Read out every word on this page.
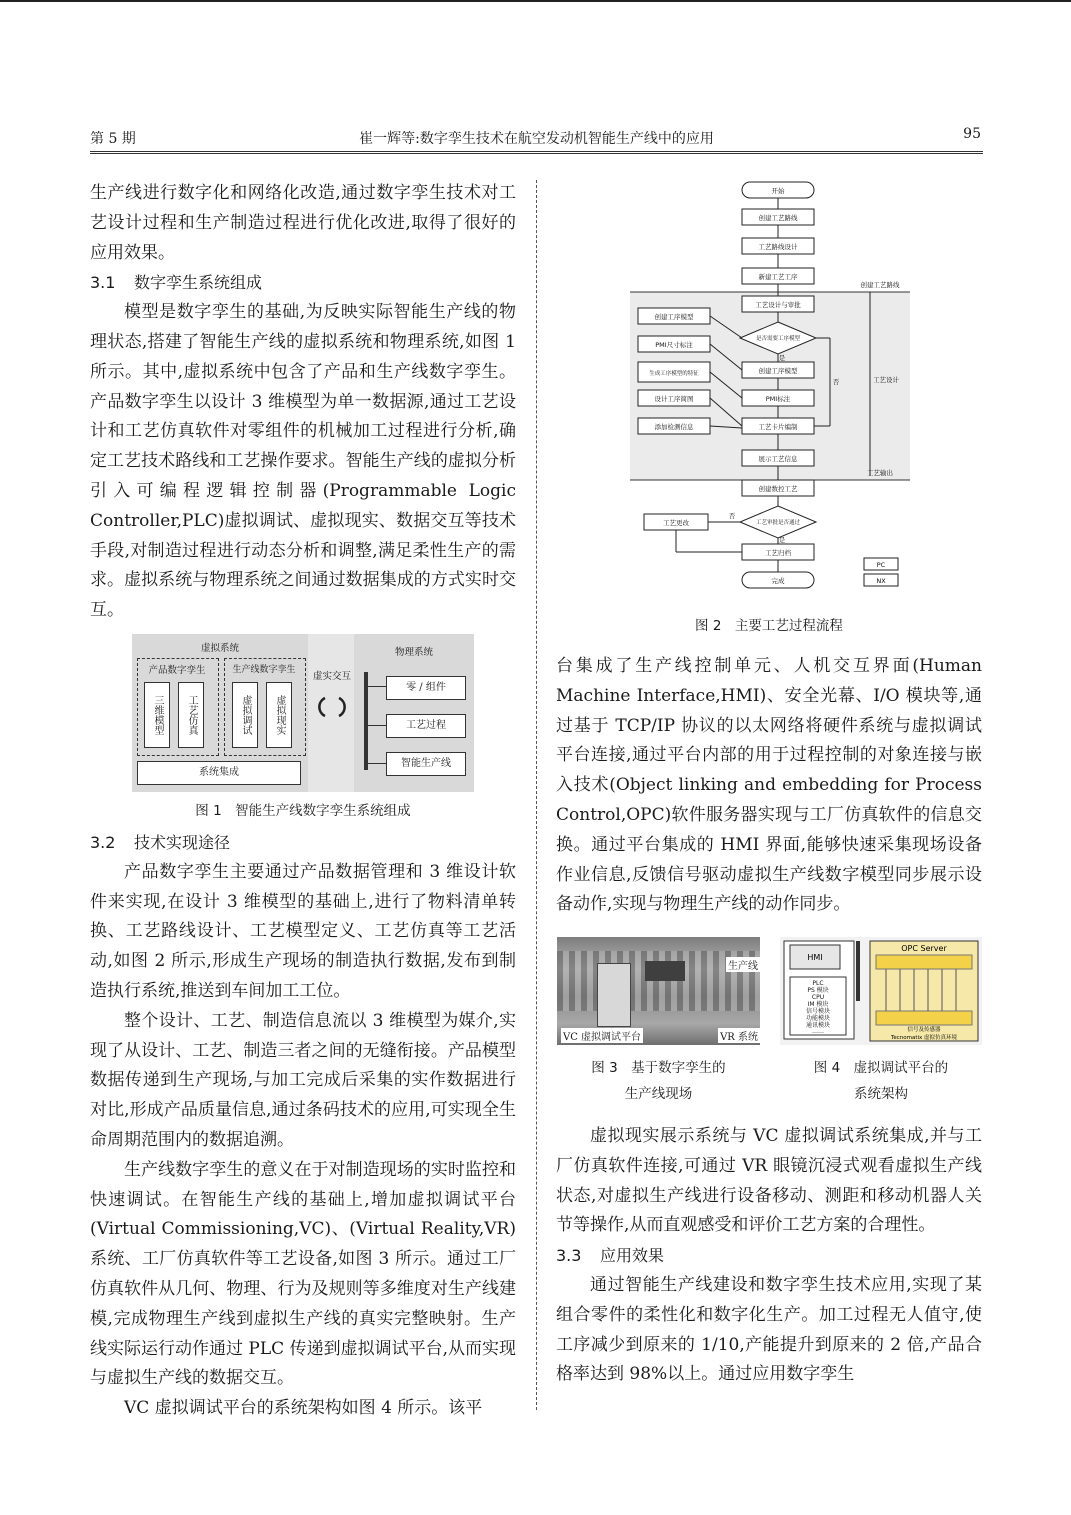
第 5 期	崔一辉等:数字孪生技术在航空发动机智能生产线中的应用	95

生产线进行数字化和网络化改造,通过数字孪生技术对工艺设计过程和生产制造过程进行优化改进,取得了很好的应用效果。

3.1 数字孪生系统组成

模型是数字孪生的基础,为反映实际智能生产线的物理状态,搭建了智能生产线的虚拟系统和物理系统,如图 1 所示。其中,虚拟系统中包含了产品和生产线数字孪生。产品数字孪生以设计 3 维模型为单一数据源,通过工艺设计和工艺仿真软件对零组件的机械加工过程进行分析,确定工艺技术路线和工艺操作要求。智能生产线的虚拟分析引入可编程逻辑控制器(Programmable Logic Controller,PLC)虚拟调试、虚拟现实、数据交互等技术手段,对制造过程进行动态分析和调整,满足柔性生产的需求。虚拟系统与物理系统之间通过数据集成的方式实时交互。

虚拟系统
产品数字孪生	生产线数字孪生
三维模型	工艺仿真	虚拟调试	虚拟现实
系统集成
虚实交互
物理系统
零 / 组件
工艺过程
智能生产线
图 1　智能生产线数字孪生系统组成
3.2 技术实现途径

产品数字孪生主要通过产品数据管理和 3 维设计软件来实现,在设计 3 维模型的基础上,进行了物料清单转换、工艺路线设计、工艺模型定义、工艺仿真等工艺活动,如图 2 所示,形成生产现场的制造执行数据,发布到制造执行系统,推送到车间加工工位。

整个设计、工艺、制造信息流以 3 维模型为媒介,实现了从设计、工艺、制造三者之间的无缝衔接。产品模型数据传递到生产现场,与加工完成后采集的实作数据进行对比,形成产品质量信息,通过条码技术的应用,可实现全生命周期范围内的数据追溯。

生产线数字孪生的意义在于对制造现场的实时监控和快速调试。在智能生产线的基础上,增加虚拟调试平台(Virtual Commissioning,VC)、(Virtual Reality,VR)系统、工厂仿真软件等工艺设备,如图 3 所示。通过工厂仿真软件从几何、物理、行为及规则等多维度对生产线建模,完成物理生产线到虚拟生产线的真实完整映射。生产线实际运行动作通过 PLC 传递到虚拟调试平台,从而实现与虚拟生产线的数据交互。

VC 虚拟调试平台的系统架构如图 4 所示。该平

开始
创建工艺路线
工艺路线设计
新建工艺工序
工艺设计与审批
是否需要工序模型
创建工序模型
PMI标注
工艺卡片编制
展示工艺信息
创建数控工艺
工艺审批是否通过
工艺归档
完成
创建工序模型
PMI尺寸标注
生成工序模型的特征
设计工序简图
添加检测信息
工艺更改
创建工艺路线
工艺设计
工艺输出
是
否
否
是
PC
NX
图 2　主要工艺过程流程

台集成了生产线控制单元、人机交互界面(Human Machine Interface,HMI)、安全光幕、I/O 模块等,通过基于 TCP/IP 协议的以太网络将硬件系统与虚拟调试平台连接,通过平台内部的用于过程控制的对象连接与嵌入技术(Object linking and embedding for Process Control,OPC)软件服务器实现与工厂仿真软件的信息交换。通过平台集成的 HMI 界面,能够快速采集现场设备作业信息,反馈信号驱动虚拟生产线数字模型同步展示设备动作,实现与物理生产线的动作同步。

生产线
VC 虚拟调试平台	VR 系统
图 3　基于数字孪生的
生产线现场
HMI
PLC
PS 模块
CPU
IM 模块
信号模块
功能模块
通讯模块
……
OPC Server
信号及传感器
Tecnomatix 虚拟仿真环境
图 4　虚拟调试平台的
系统架构

虚拟现实展示系统与 VC 虚拟调试系统集成,并与工厂仿真软件连接,可通过 VR 眼镜沉浸式观看虚拟生产线状态,对虚拟生产线进行设备移动、测距和移动机器人关节等操作,从而直观感受和评价工艺方案的合理性。

3.3 应用效果

通过智能生产线建设和数字孪生技术应用,实现了某组合零件的柔性化和数字化生产。加工过程无人值守,使工序减少到原来的 1/10,产能提升到原来的 2 倍,产品合格率达到 98%以上。通过应用数字孪生
